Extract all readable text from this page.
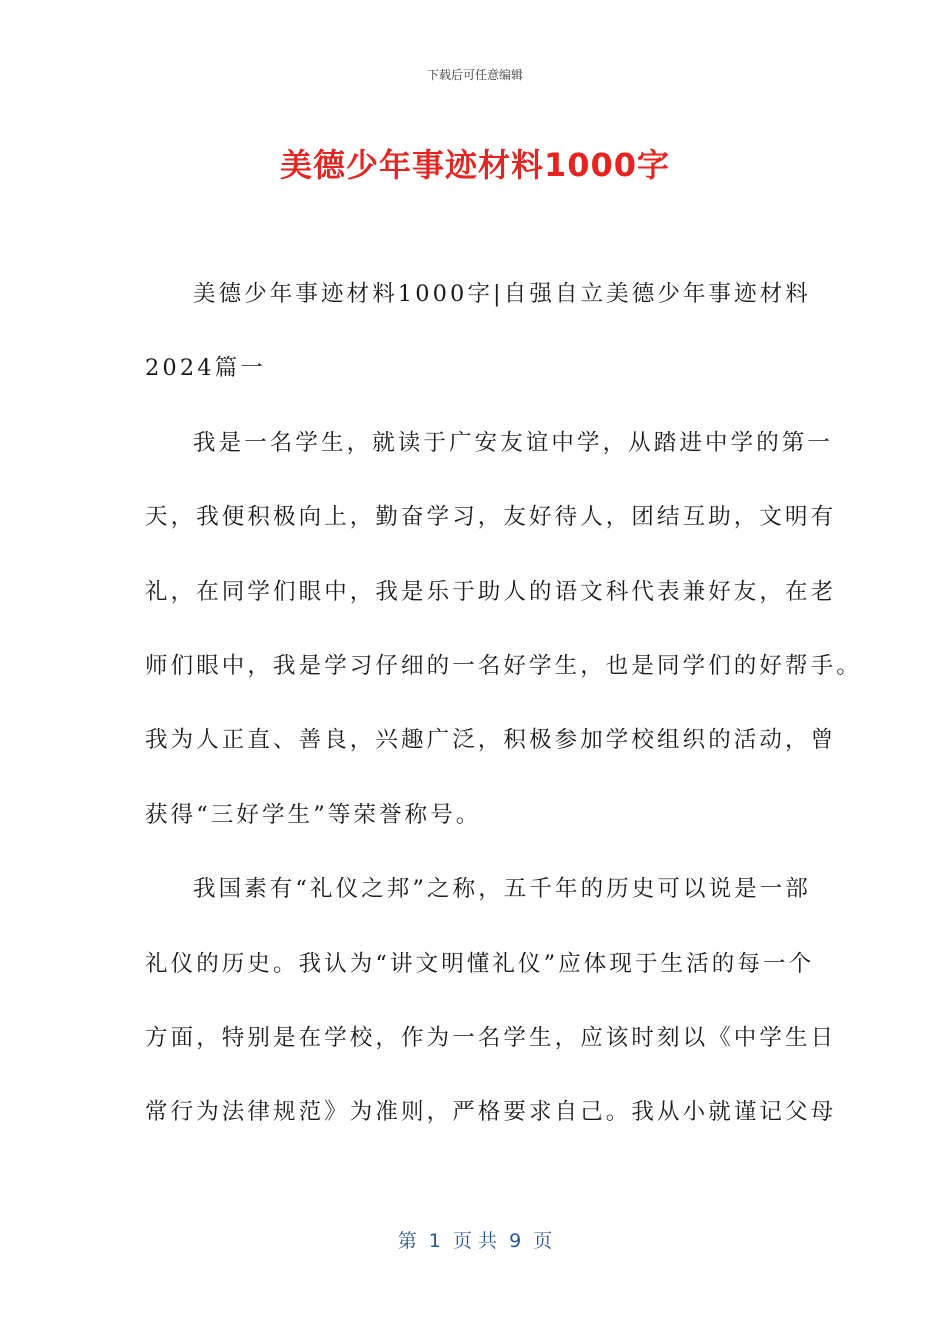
下载后可任意编辑
美德少年事迹材料1000字
美德少年事迹材料1000字|自强自立美德少年事迹材料
2024篇一
我是一名学生，就读于广安友谊中学，从踏进中学的第一
天，我便积极向上，勤奋学习，友好待人，团结互助，文明有
礼，在同学们眼中，我是乐于助人的语文科代表兼好友，在老
师们眼中，我是学习仔细的一名好学生，也是同学们的好帮手。
我为人正直、善良，兴趣广泛，积极参加学校组织的活动，曾
获得“三好学生”等荣誉称号。
我国素有“礼仪之邦”之称，五千年的历史可以说是一部
礼仪的历史。我认为“讲文明懂礼仪”应体现于生活的每一个
方面，特别是在学校，作为一名学生，应该时刻以《中学生日
常行为法律规范》为准则，严格要求自己。我从小就谨记父母
第  1  页 共  9  页
